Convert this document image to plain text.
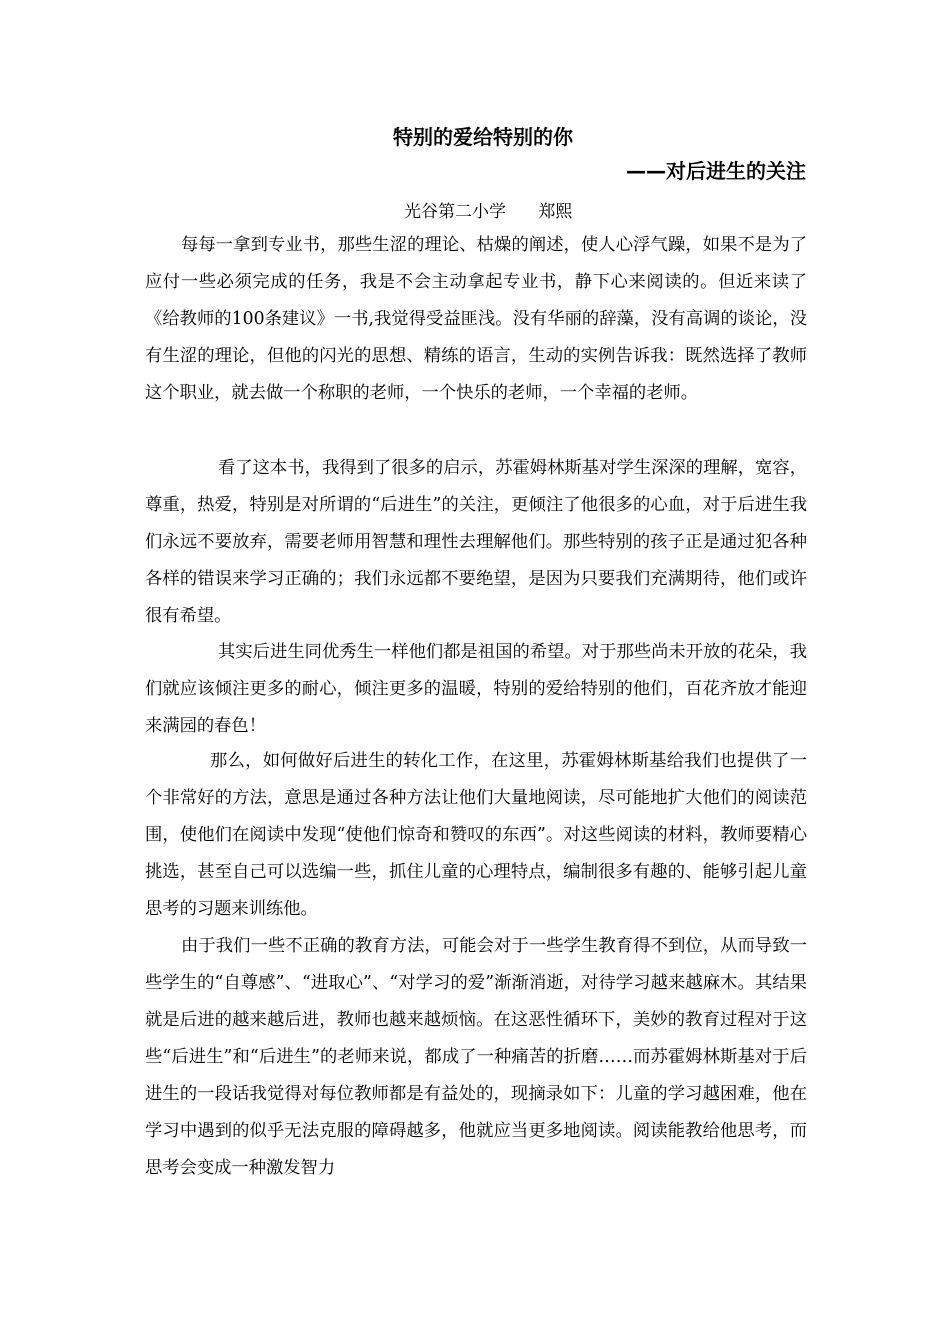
特别的爱给特别的你
——对后进生的关注

光谷第二小学      郑熙

每每一拿到专业书，那些生涩的理论、枯燥的阐述，使人心浮气躁，如果不是为了应付一些必须完成的任务，我是不会主动拿起专业书，静下心来阅读的。但近来读了《给教师的100条建议》一书,我觉得受益匪浅。没有华丽的辞藻，没有高调的谈论，没有生涩的理论，但他的闪光的思想、精练的语言，生动的实例告诉我：既然选择了教师这个职业，就去做一个称职的老师，一个快乐的老师，一个幸福的老师。

看了这本书，我得到了很多的启示，苏霍姆林斯基对学生深深的理解，宽容，尊重，热爱，特别是对所谓的“后进生”的关注，更倾注了他很多的心血，对于后进生我们永远不要放弃，需要老师用智慧和理性去理解他们。那些特别的孩子正是通过犯各种各样的错误来学习正确的；我们永远都不要绝望，是因为只要我们充满期待，他们或许很有希望。

其实后进生同优秀生一样他们都是祖国的希望。对于那些尚未开放的花朵，我们就应该倾注更多的耐心，倾注更多的温暖，特别的爱给特别的他们，百花齐放才能迎来满园的春色！

那么，如何做好后进生的转化工作，在这里，苏霍姆林斯基给我们也提供了一个非常好的方法，意思是通过各种方法让他们大量地阅读，尽可能地扩大他们的阅读范围，使他们在阅读中发现“使他们惊奇和赞叹的东西”。对这些阅读的材料，教师要精心挑选，甚至自己可以选编一些，抓住儿童的心理特点，编制很多有趣的、能够引起儿童思考的习题来训练他。

由于我们一些不正确的教育方法，可能会对于一些学生教育得不到位，从而导致一些学生的“自尊感”、“进取心”、“对学习的爱”渐渐消逝，对待学习越来越麻木。其结果就是后进的越来越后进，教师也越来越烦恼。在这恶性循环下，美妙的教育过程对于这些“后进生”和“后进生”的老师来说，都成了一种痛苦的折磨……而苏霍姆林斯基对于后进生的一段话我觉得对每位教师都是有益处的，现摘录如下：儿童的学习越困难，他在学习中遇到的似乎无法克服的障碍越多，他就应当更多地阅读。阅读能教给他思考，而思考会变成一种激发智力
